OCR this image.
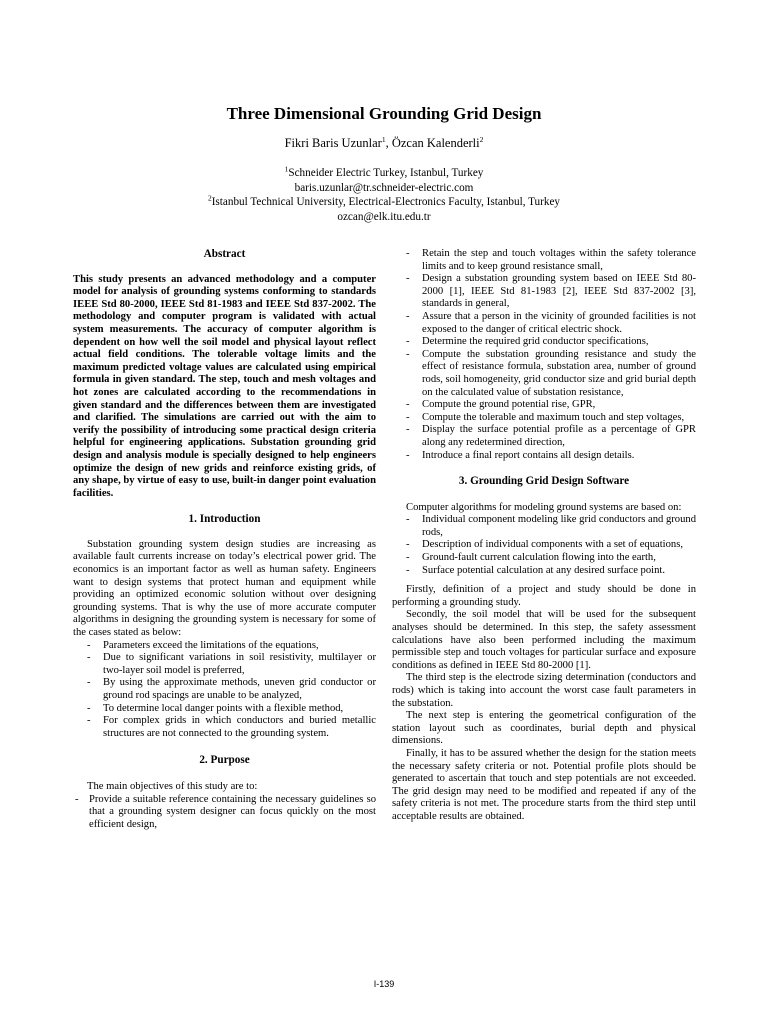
Three Dimensional Grounding Grid Design
Fikri Baris Uzunlar$^1$, Özcan Kalenderli$^2$
$^1$Schneider Electric Turkey, Istanbul, Turkey
baris.uzunlar@tr.schneider-electric.com
$^2$Istanbul Technical University, Electrical-Electronics Faculty, Istanbul, Turkey
ozcan@elk.itu.edu.tr
Abstract

This study presents an advanced methodology and a computer model for analysis of grounding systems conforming to standards IEEE Std 80-2000, IEEE Std 81-1983 and IEEE Std 837-2002. The methodology and computer program is validated with actual system measurements. The accuracy of computer algorithm is dependent on how well the soil model and physical layout reflect actual field conditions. The tolerable voltage limits and the maximum predicted voltage values are calculated using empirical formula in given standard. The step, touch and mesh voltages and hot zones are calculated according to the recommendations in given standard and the differences between them are investigated and clarified. The simulations are carried out with the aim to verify the possibility of introducing some practical design criteria helpful for engineering applications. Substation grounding grid design and analysis module is specially designed to help engineers optimize the design of new grids and reinforce existing grids, of any shape, by virtue of easy to use, built-in danger point evaluation facilities.

1. Introduction

Substation grounding system design studies are increasing as available fault currents increase on today’s electrical power grid. The economics is an important factor as well as human safety. Engineers want to design systems that protect human and equipment while providing an optimized economic solution without over designing grounding systems. That is why the use of more accurate computer algorithms in designing the grounding system is necessary for some of the cases stated as below:

- Parameters exceed the limitations of the equations,
- Due to significant variations in soil resistivity, multilayer or two-layer soil model is preferred,
- By using the approximate methods, uneven grid conductor or ground rod spacings are unable to be analyzed,
- To determine local danger points with a flexible method,
- For complex grids in which conductors and buried metallic structures are not connected to the grounding system.
2. Purpose

The main objectives of this study are to:

- Provide a suitable reference containing the necessary guidelines so that a grounding system designer can focus quickly on the most efficient design,
- Retain the step and touch voltages within the safety tolerance limits and to keep ground resistance small,
- Design a substation grounding system based on IEEE Std 80-2000 [1], IEEE Std 81-1983 [2], IEEE Std 837-2002 [3], standards in general,
- Assure that a person in the vicinity of grounded facilities is not exposed to the danger of critical electric shock.
- Determine the required grid conductor specifications,
- Compute the substation grounding resistance and study the effect of resistance formula, substation area, number of ground rods, soil homogeneity, grid conductor size and grid burial depth on the calculated value of substation resistance,
- Compute the ground potential rise, GPR,
- Compute the tolerable and maximum touch and step voltages,
- Display the surface potential profile as a percentage of GPR along any redetermined direction,
- Introduce a final report contains all design details.
3. Grounding Grid Design Software

Computer algorithms for modeling ground systems are based on:

- Individual component modeling like grid conductors and ground rods,
- Description of individual components with a set of equations,
- Ground-fault current calculation flowing into the earth,
- Surface potential calculation at any desired surface point.

Firstly, definition of a project and study should be done in performing a grounding study.

Secondly, the soil model that will be used for the subsequent analyses should be determined. In this step, the safety assessment calculations have also been performed including the maximum permissible step and touch voltages for particular surface and exposure conditions as defined in IEEE Std 80-2000 [1].

The third step is the electrode sizing determination (conductors and rods) which is taking into account the worst case fault parameters in the substation.

The next step is entering the geometrical configuration of the station layout such as coordinates, burial depth and physical dimensions.

Finally, it has to be assured whether the design for the station meets the necessary safety criteria or not. Potential profile plots should be generated to ascertain that touch and step potentials are not exceeded. The grid design may need to be modified and repeated if any of the safety criteria is not met. The procedure starts from the third step until acceptable results are obtained.

I-139
